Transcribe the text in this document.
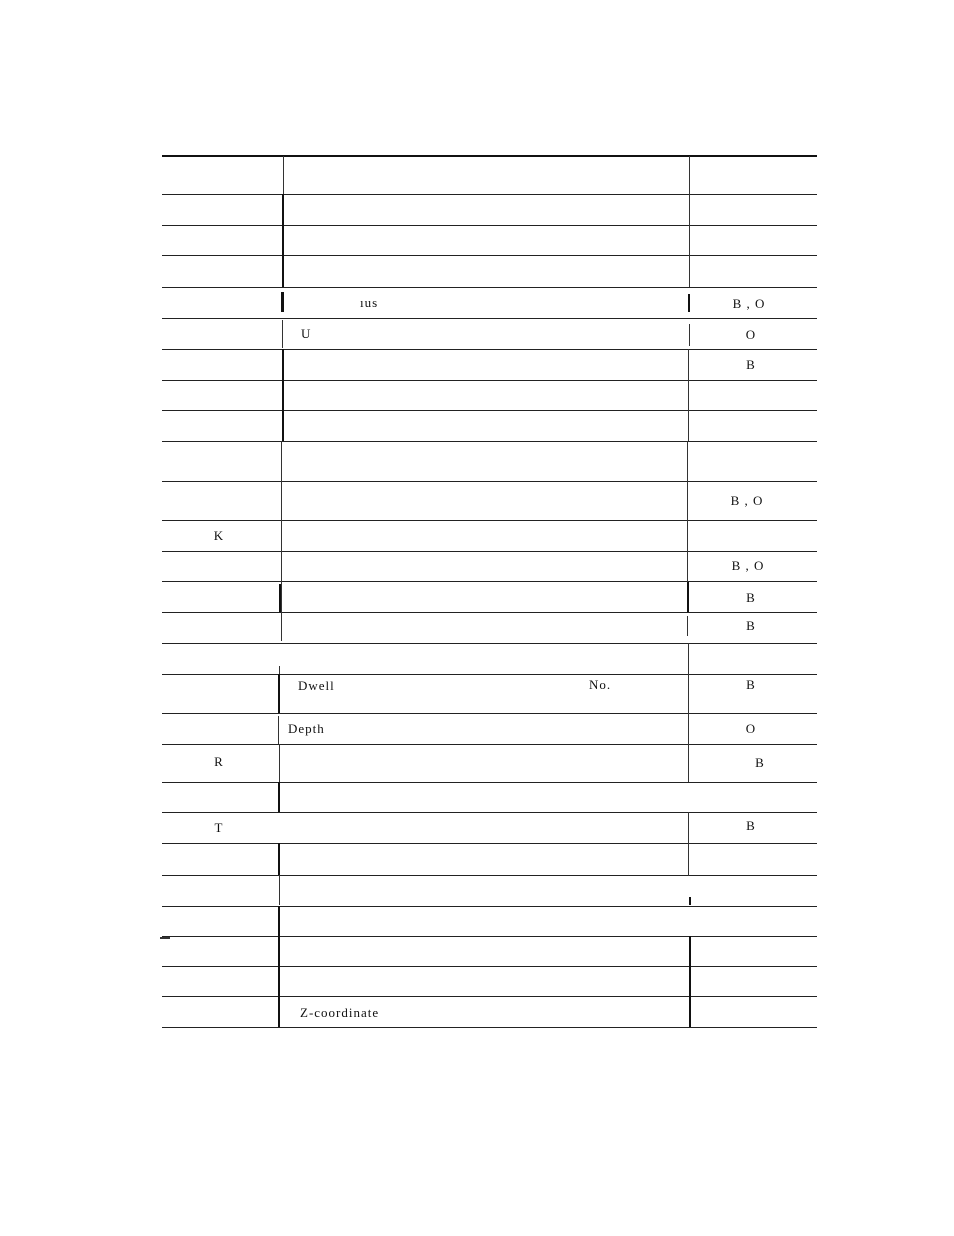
K
R
T
ıus
U
Dwell	No.
Depth
Z-coordinate
B , O
O
B
B , O
B , O
B
B
B
O
B
B
